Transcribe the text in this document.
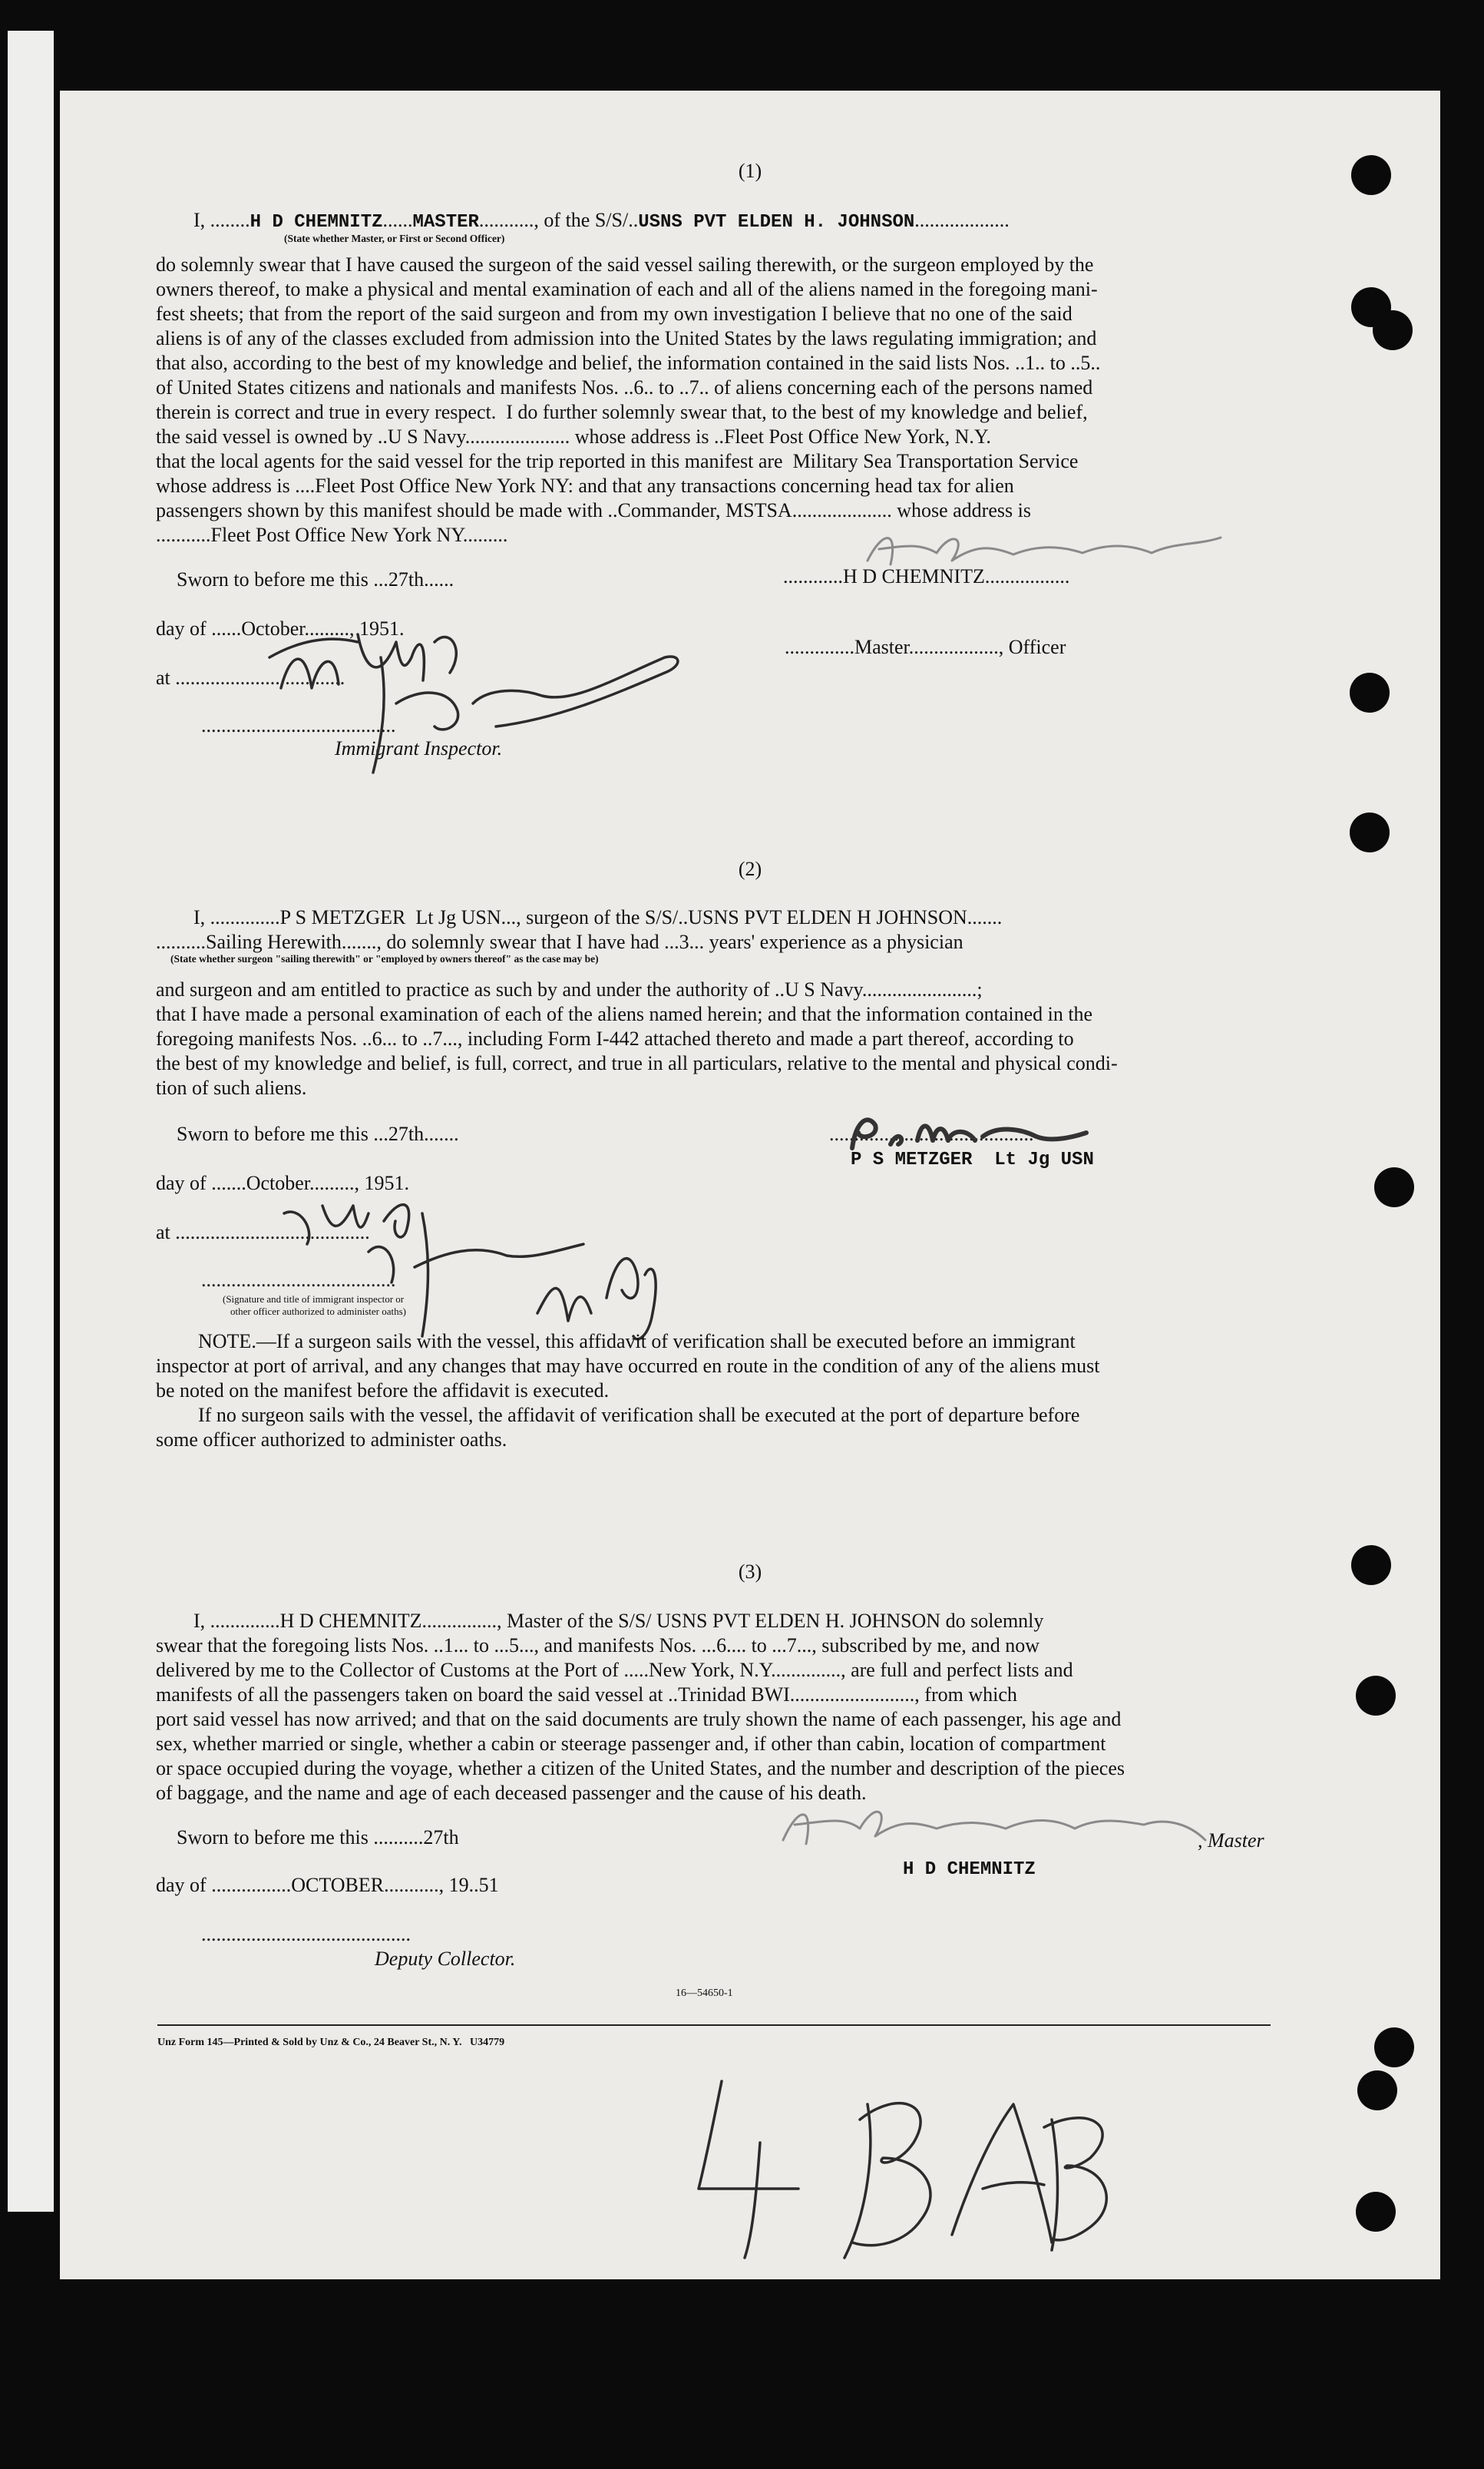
(1)
I, ........H D CHEMNITZ......MASTER..........., of the S/S/..USNS PVT ELDEN H. JOHNSON...................
(State whether Master, or First or Second Officer)
do solemnly swear that I have caused the surgeon of the said vessel sailing therewith, or the surgeon employed by the
owners thereof, to make a physical and mental examination of each and all of the aliens named in the foregoing mani-
fest sheets; that from the report of the said surgeon and from my own investigation I believe that no one of the said
aliens is of any of the classes excluded from admission into the United States by the laws regulating immigration; and
that also, according to the best of my knowledge and belief, the information contained in the said lists Nos. ..1.. to ..5..
of United States citizens and nationals and manifests Nos. ..6.. to ..7.. of aliens concerning each of the persons named
therein is correct and true in every respect.  I do further solemnly swear that, to the best of my knowledge and belief,
the said vessel is owned by ..U S Navy..................... whose address is ..Fleet Post Office New York, N.Y.
that the local agents for the said vessel for the trip reported in this manifest are  Military Sea Transportation Service
whose address is ....Fleet Post Office New York NY: and that any transactions concerning head tax for alien
passengers shown by this manifest should be made with ..Commander, MSTSA.................... whose address is
...........Fleet Post Office New York NY.........
Sworn to before me this ...27th......
day of ......October........., 1951.
at ..................................
.......................................
Immigrant Inspector.
............H D CHEMNITZ.................
..............Master.................., Officer
(2)
I, ..............P S METZGER  Lt Jg USN..., surgeon of the S/S/..USNS PVT ELDEN H JOHNSON.......
..........Sailing Herewith......., do solemnly swear that I have had ...3... years' experience as a physician
(State whether surgeon "sailing therewith" or "employed by owners thereof" as the case may be)
and surgeon and am entitled to practice as such by and under the authority of ..U S Navy.......................;
that I have made a personal examination of each of the aliens named herein; and that the information contained in the
foregoing manifests Nos. ..6... to ..7..., including Form I-442 attached thereto and made a part thereof, according to
the best of my knowledge and belief, is full, correct, and true in all particulars, relative to the mental and physical condi-
tion of such aliens.
Sworn to before me this ...27th.......
day of .......October........., 1951.
at .......................................
.......................................
(Signature and title of immigrant inspector or
other officer authorized to administer oaths)
.........................................
P S METZGER  Lt Jg USN
NOTE.—If a surgeon sails with the vessel, this affidavit of verification shall be executed before an immigrant
inspector at port of arrival, and any changes that may have occurred en route in the condition of any of the aliens must
be noted on the manifest before the affidavit is executed.
If no surgeon sails with the vessel, the affidavit of verification shall be executed at the port of departure before
some officer authorized to administer oaths.
(3)
I, ..............H D CHEMNITZ..............., Master of the S/S/ USNS PVT ELDEN H. JOHNSON do solemnly
swear that the foregoing lists Nos. ..1... to ...5..., and manifests Nos. ...6.... to ...7..., subscribed by me, and now
delivered by me to the Collector of Customs at the Port of .....New York, N.Y.............., are full and perfect lists and
manifests of all the passengers taken on board the said vessel at ..Trinidad BWI........................., from which
port said vessel has now arrived; and that on the said documents are truly shown the name of each passenger, his age and
sex, whether married or single, whether a cabin or steerage passenger and, if other than cabin, location of compartment
or space occupied during the voyage, whether a citizen of the United States, and the number and description of the pieces
of baggage, and the name and age of each deceased passenger and the cause of his death.
Sworn to before me this ..........27th
day of ................OCTOBER..........., 19..51
..........................................
Deputy Collector.
, Master
H D CHEMNITZ
16—54650-1
Unz Form 145—Printed & Sold by Unz & Co., 24 Beaver St., N. Y.   U34779
